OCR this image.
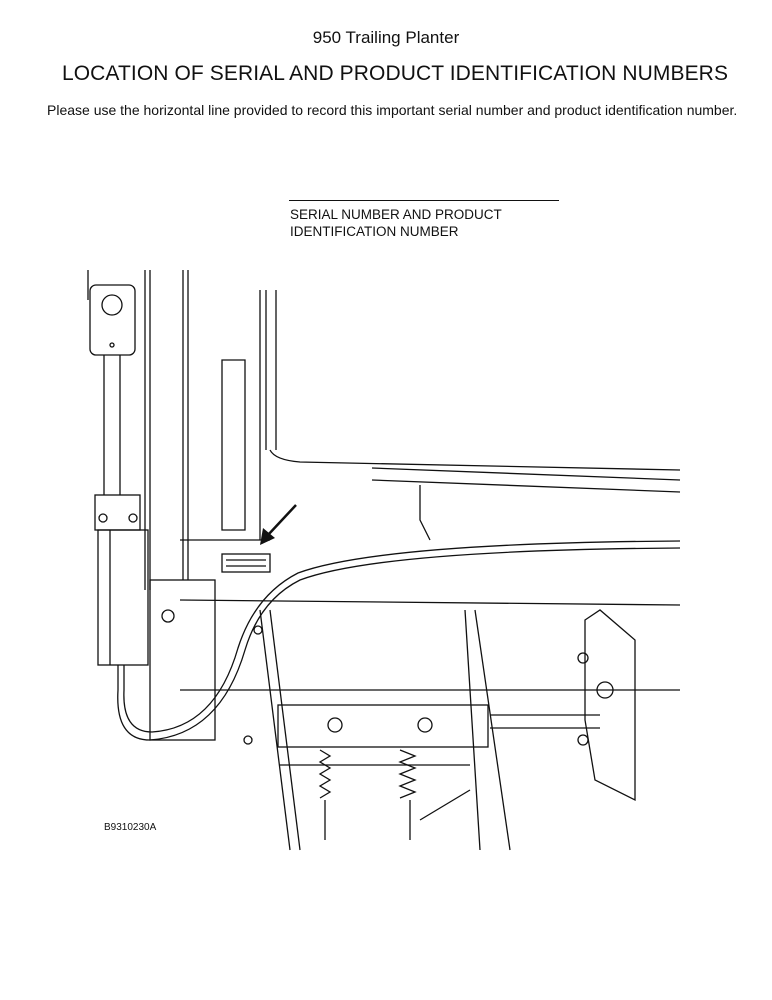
950 Trailing Planter
LOCATION OF SERIAL AND PRODUCT IDENTIFICATION NUMBERS
Please use the horizontal line provided to record this important serial number and product identification number.
SERIAL NUMBER AND PRODUCT
IDENTIFICATION NUMBER
B9310230A
